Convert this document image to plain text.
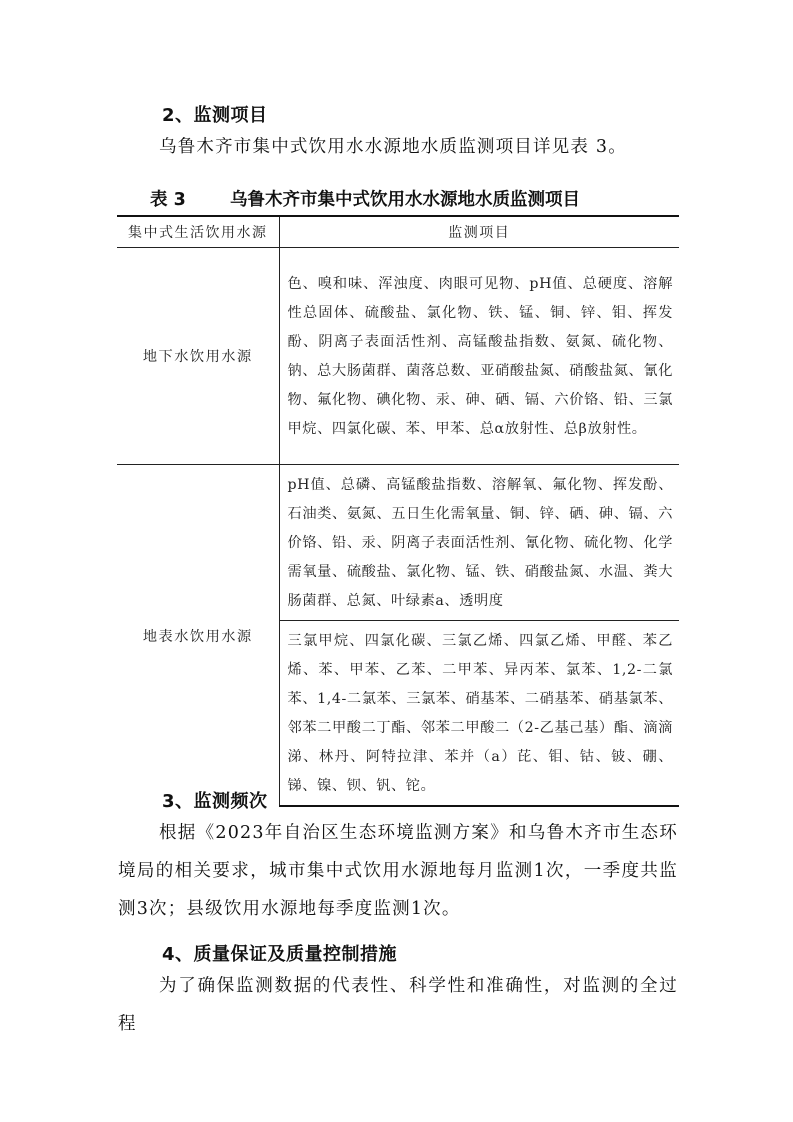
2、监测项目

乌鲁木齐市集中式饮用水水源地水质监测项目详见表 3。

表 3	乌鲁木齐市集中式饮用水水源地水质监测项目
集中式生活饮用水源	监测项目
地下水饮用水源	色、嗅和味、浑浊度、肉眼可见物、pH值、总硬度、溶解性总固体、硫酸盐、氯化物、铁、锰、铜、锌、钼、挥发酚、阴离子表面活性剂、高锰酸盐指数、氨氮、硫化物、钠、总大肠菌群、菌落总数、亚硝酸盐氮、硝酸盐氮、氰化物、氟化物、碘化物、汞、砷、硒、镉、六价铬、铅、三氯甲烷、四氯化碳、苯、甲苯、总α放射性、总β放射性。
地表水饮用水源	pH值、总磷、高锰酸盐指数、溶解氧、氟化物、挥发酚、石油类、氨氮、五日生化需氧量、铜、锌、硒、砷、镉、六价铬、铅、汞、阴离子表面活性剂、氰化物、硫化物、化学需氧量、硫酸盐、氯化物、锰、铁、硝酸盐氮、水温、粪大肠菌群、总氮、叶绿素a、透明度
	三氯甲烷、四氯化碳、三氯乙烯、四氯乙烯、甲醛、苯乙烯、苯、甲苯、乙苯、二甲苯、异丙苯、氯苯、1,2-二氯苯、1,4-二氯苯、三氯苯、硝基苯、二硝基苯、硝基氯苯、邻苯二甲酸二丁酯、邻苯二甲酸二（2-乙基己基）酯、滴滴涕、林丹、阿特拉津、苯并（a）芘、钼、钴、铍、硼、锑、镍、钡、钒、铊。
3、监测频次

根据《2023年自治区生态环境监测方案》和乌鲁木齐市生态环境局的相关要求，城市集中式饮用水源地每月监测1次，一季度共监测3次；县级饮用水源地每季度监测1次。

4、质量保证及质量控制措施

为了确保监测数据的代表性、科学性和准确性，对监测的全过程
